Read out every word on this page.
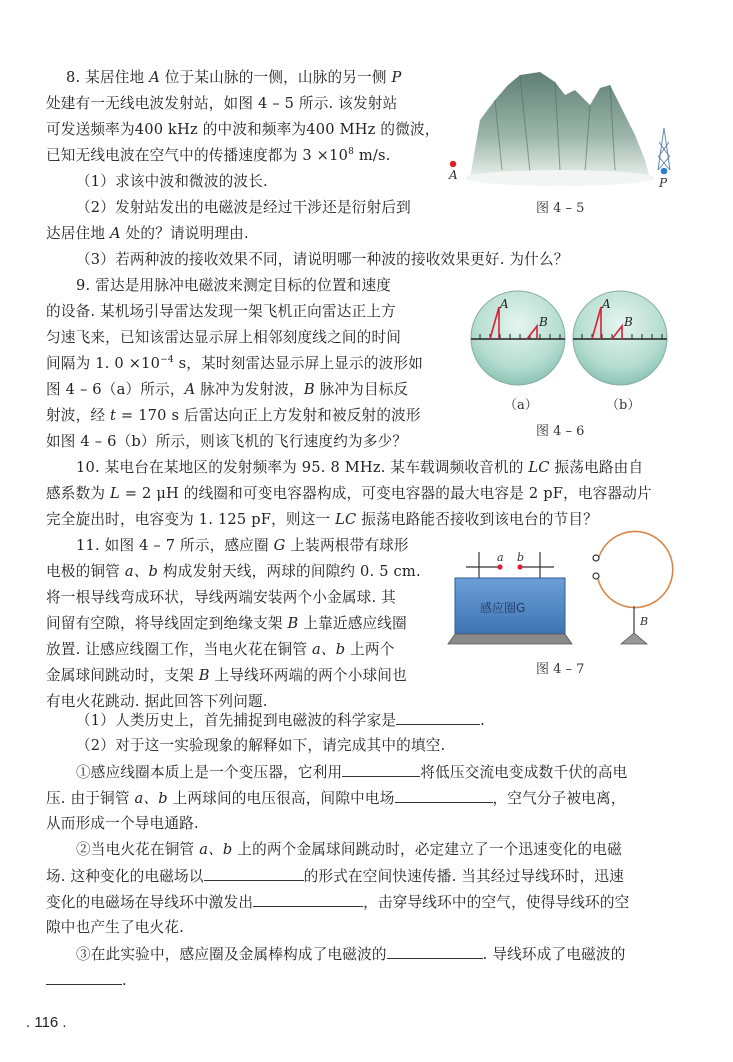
8. 某居住地 A 位于某山脉的一侧，山脉的另一侧 P
处建有一无线电波发射站，如图 4 – 5 所示. 该发射站
可发送频率为400 kHz 的中波和频率为400 MHz 的微波，
已知无线电波在空气中的传播速度都为 $3 \times 10^8$ m/s.
（1）求该中波和微波的波长.
（2）发射站发出的电磁波是经过干涉还是衍射后到
达居住地 A 处的？请说明理由.
（3）若两种波的接收效果不同，请说明哪一种波的接收效果更好. 为什么？
A
P
图 4 – 5
9. 雷达是用脉冲电磁波来测定目标的位置和速度
的设备. 某机场引导雷达发现一架飞机正向雷达正上方
匀速飞来，已知该雷达显示屏上相邻刻度线之间的时间
间隔为 1. $0 \times 10^{-4}$ s，某时刻雷达显示屏上显示的波形如
图 4 – 6（a）所示，A 脉冲为发射波，B 脉冲为目标反
射波，经 t = 170 s 后雷达向正上方发射和被反射的波形
如图 4 – 6（b）所示，则该飞机的飞行速度约为多少？
A
B
A
B
（a）	（b）
图 4 – 6
10. 某电台在某地区的发射频率为 95. 8 MHz. 某车载调频收音机的 LC 振荡电路由自
感系数为 L = 2 μH 的线圈和可变电容器构成，可变电容器的最大电容是 2 pF，电容器动片
完全旋出时，电容变为 1. 125 pF，则这一 LC 振荡电路能否接收到该电台的节目？
11. 如图 4 – 7 所示，感应圈 G 上装两根带有球形
电极的铜管 a、b 构成发射天线，两球的间隙约 0. 5 cm.
将一根导线弯成环状，导线两端安装两个小金属球. 其
间留有空隙，将导线固定到绝缘支架 B 上靠近感应线圈
放置. 让感应线圈工作，当电火花在铜管 a、b 上两个
金属球间跳动时，支架 B 上导线环两端的两个小球间也
有电火花跳动. 据此回答下列问题.
a b
感应圈G
B
图 4 – 7
（1）人类历史上，首先捕捉到电磁波的科学家是	.
（2）对于这一实验现象的解释如下，请完成其中的填空.
①感应线圈本质上是一个变压器，它利用	将低压交流电变成数千伏的高电
压. 由于铜管 a、b 上两球间的电压很高，间隙中电场	，空气分子被电离，
从而形成一个导电通路.
②当电火花在铜管 a、b 上的两个金属球间跳动时，必定建立了一个迅速变化的电磁
场. 这种变化的电磁场以	的形式在空间快速传播. 当其经过导线环时，迅速
变化的电磁场在导线环中激发出	，击穿导线环中的空气，使得导线环的空
隙中也产生了电火花.
③在此实验中，感应圈及金属棒构成了电磁波的	. 导线环成了电磁波的
.
. 116 .
